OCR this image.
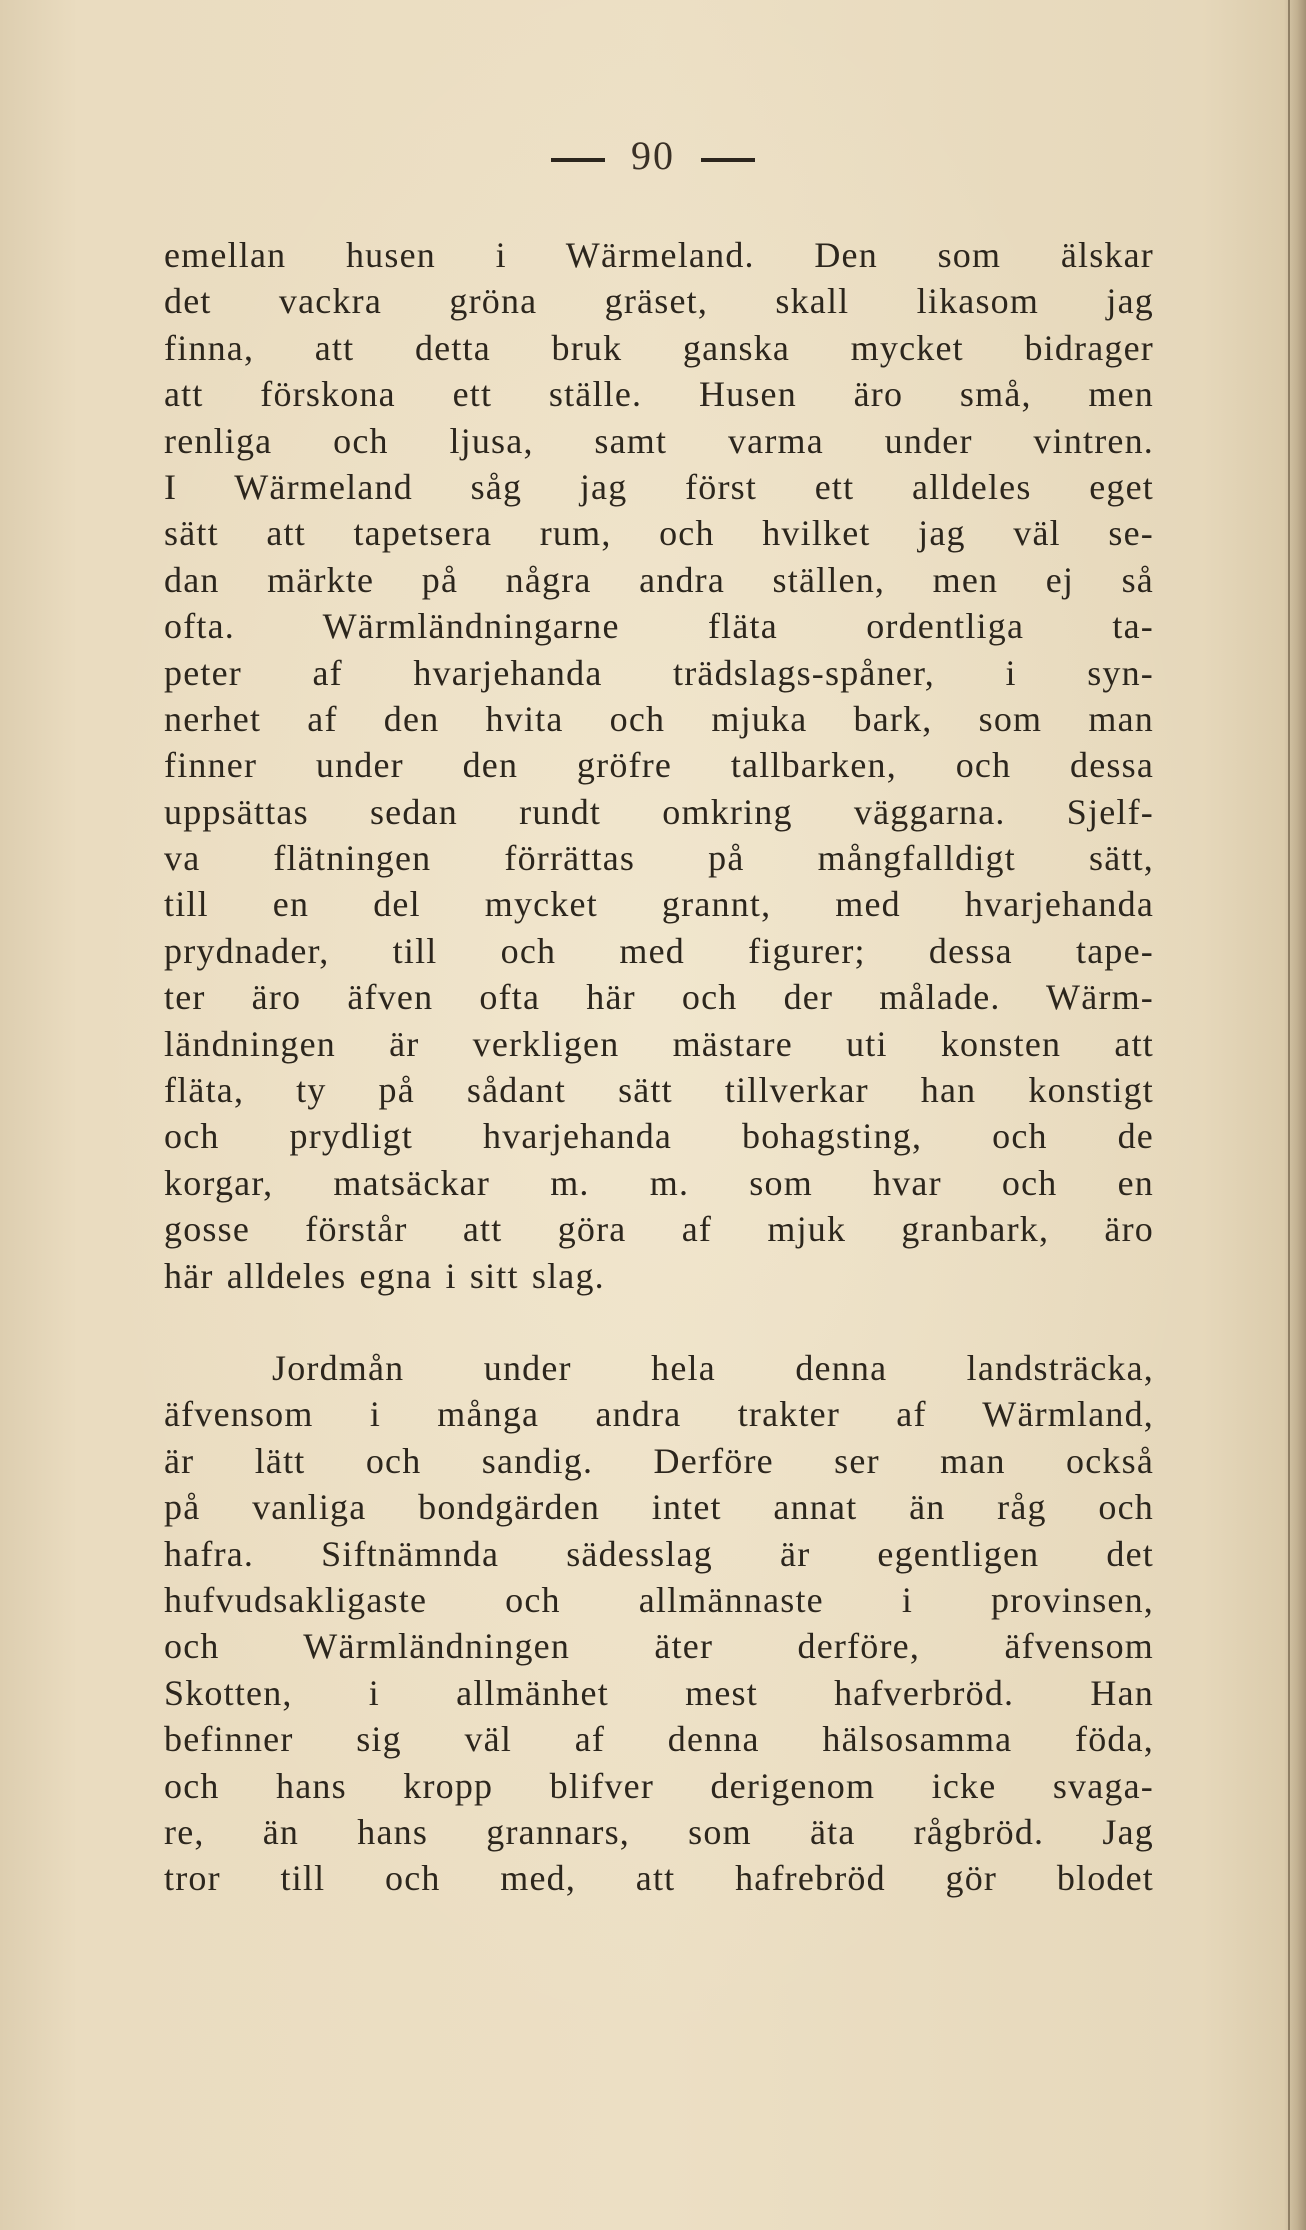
90
emellan husen i Wärmeland. Den som älskar
det vackra gröna gräset, skall likasom jag
finna, att detta bruk ganska mycket bidrager
att förskona ett ställe. Husen äro små, men
renliga och ljusa, samt varma under vintren.
I Wärmeland såg jag först ett alldeles eget
sätt att tapetsera rum, och hvilket jag väl se-
dan märkte på några andra ställen, men ej så
ofta. Wärmländningarne fläta ordentliga ta-
peter af hvarjehanda trädslags-spåner, i syn-
nerhet af den hvita och mjuka bark, som man
finner under den gröfre tallbarken, och dessa
uppsättas sedan rundt omkring väggarna. Sjelf-
va flätningen förrättas på mångfalldigt sätt,
till en del mycket grannt, med hvarjehanda
prydnader, till och med figurer; dessa tape-
ter äro äfven ofta här och der målade. Wärm-
ländningen är verkligen mästare uti konsten att
fläta, ty på sådant sätt tillverkar han konstigt
och prydligt hvarjehanda bohagsting, och de
korgar, matsäckar m. m. som hvar och en
gosse förstår att göra af mjuk granbark, äro
här alldeles egna i sitt slag.
Jordmån under hela denna landsträcka,
äfvensom i många andra trakter af Wärmland,
är lätt och sandig. Derföre ser man också
på vanliga bondgärden intet annat än råg och
hafra. Siftnämnda sädesslag är egentligen det
hufvudsakligaste och allmännaste i provinsen,
och Wärmländningen äter derföre, äfvensom
Skotten, i allmänhet mest hafverbröd. Han
befinner sig väl af denna hälsosamma föda,
och hans kropp blifver derigenom icke svaga-
re, än hans grannars, som äta rågbröd. Jag
tror till och med, att hafrebröd gör blodet
